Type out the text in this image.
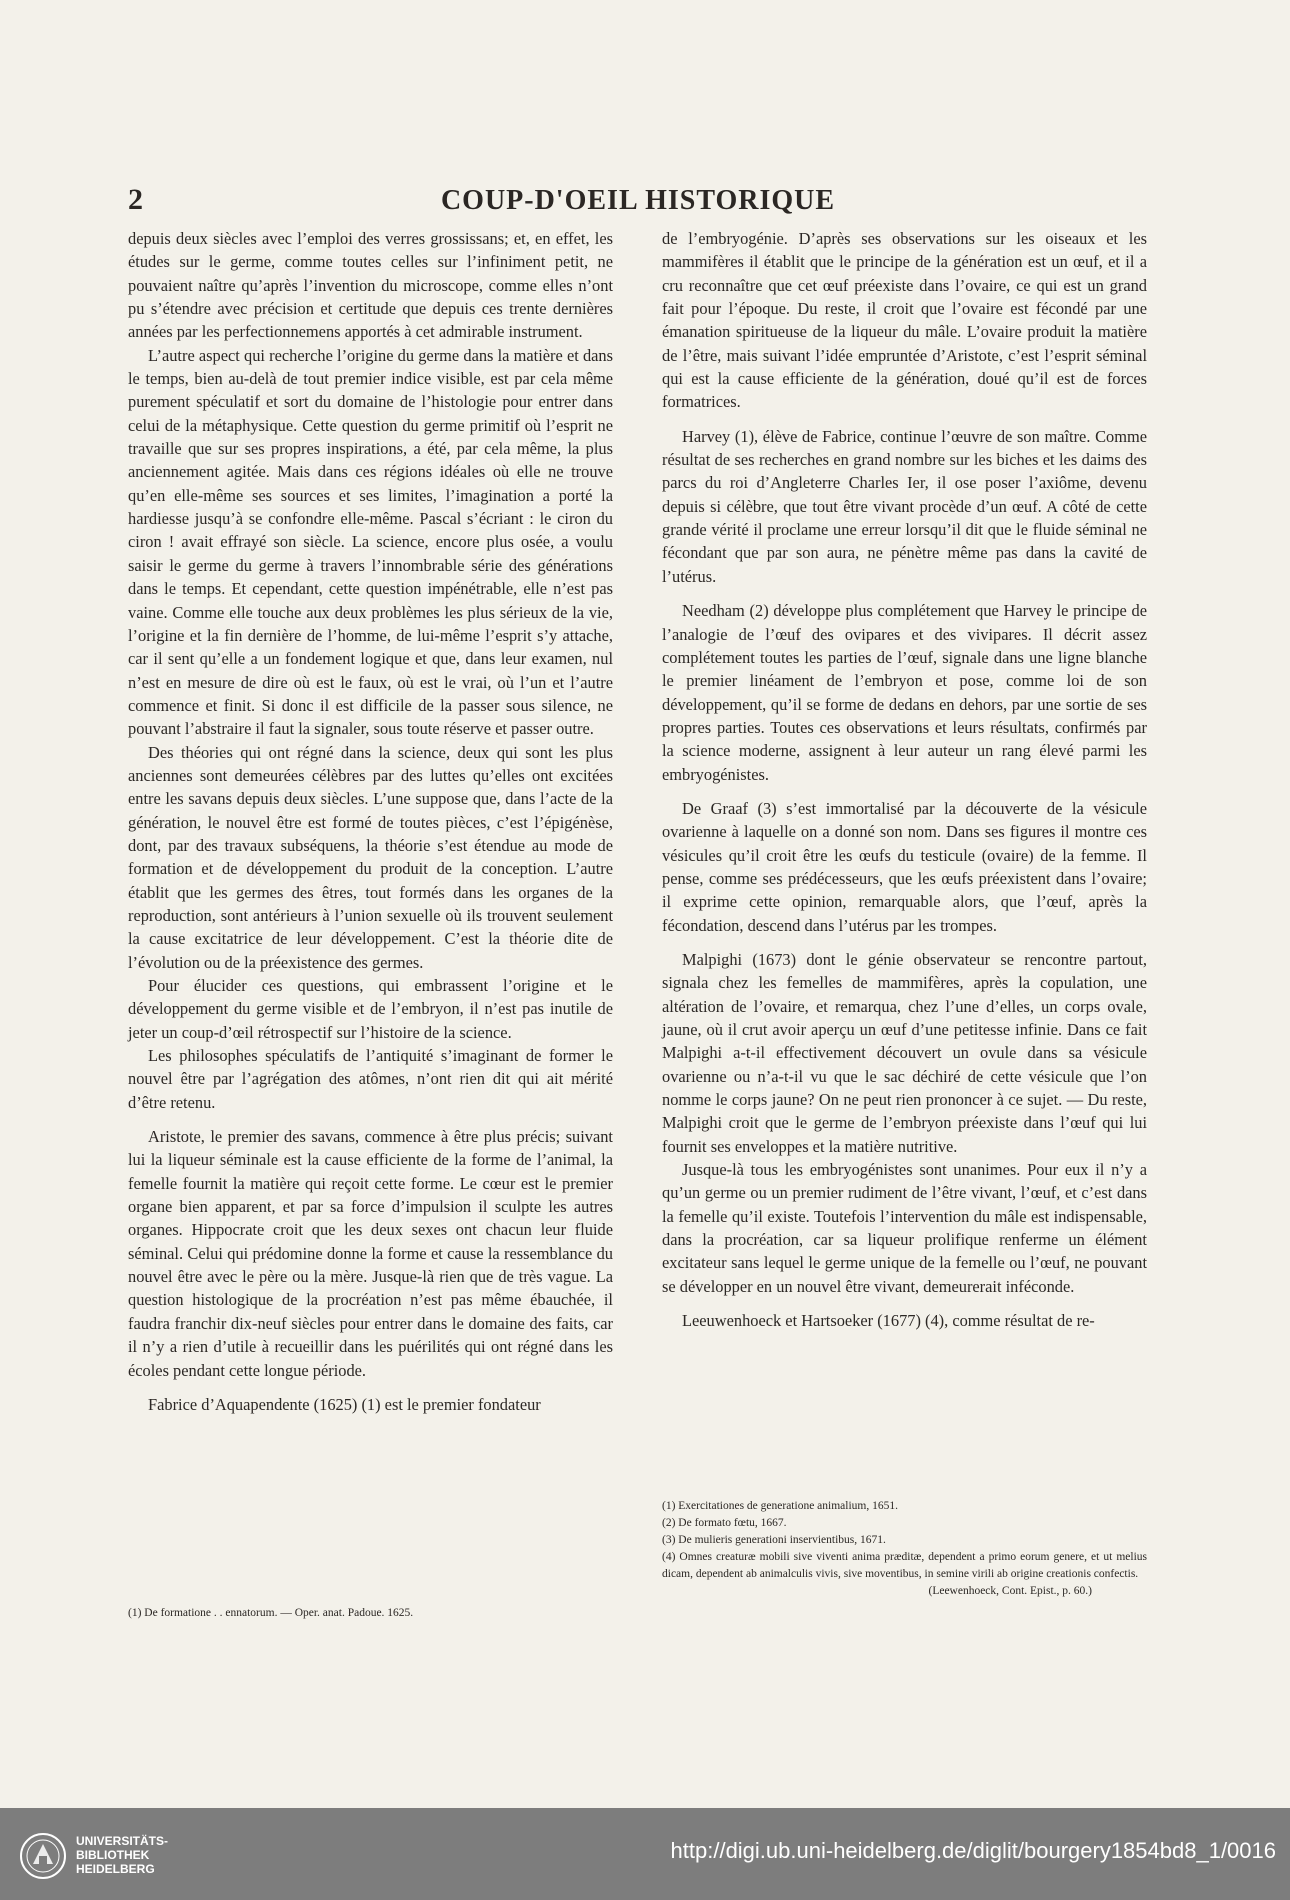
2	COUP-D'OEIL HISTORIQUE

depuis deux siècles avec l’emploi des verres grossissans; et, en effet, les études sur le germe, comme toutes celles sur l’infiniment petit, ne pouvaient naître qu’après l’invention du microscope, comme elles n’ont pu s’étendre avec précision et certitude que depuis ces trente dernières années par les perfectionnemens apportés à cet admirable instrument.

L’autre aspect qui recherche l’origine du germe dans la matière et dans le temps, bien au-delà de tout premier indice visible, est par cela même purement spéculatif et sort du domaine de l’histologie pour entrer dans celui de la métaphysique. Cette question du germe primitif où l’esprit ne travaille que sur ses propres inspirations, a été, par cela même, la plus anciennement agitée. Mais dans ces régions idéales où elle ne trouve qu’en elle-même ses sources et ses limites, l’imagination a porté la hardiesse jusqu’à se confondre elle-même. Pascal s’écriant : le ciron du ciron ! avait effrayé son siècle. La science, encore plus osée, a voulu saisir le germe du germe à travers l’innombrable série des générations dans le temps. Et cependant, cette question impénétrable, elle n’est pas vaine. Comme elle touche aux deux problèmes les plus sérieux de la vie, l’origine et la fin dernière de l’homme, de lui-même l’esprit s’y attache, car il sent qu’elle a un fondement logique et que, dans leur examen, nul n’est en mesure de dire où est le faux, où est le vrai, où l’un et l’autre commence et finit. Si donc il est difficile de la passer sous silence, ne pouvant l’abstraire il faut la signaler, sous toute réserve et passer outre.

Des théories qui ont régné dans la science, deux qui sont les plus anciennes sont demeurées célèbres par des luttes qu’elles ont excitées entre les savans depuis deux siècles. L’une suppose que, dans l’acte de la génération, le nouvel être est formé de toutes pièces, c’est l’épigénèse, dont, par des travaux subséquens, la théorie s’est étendue au mode de formation et de développement du produit de la conception. L’autre établit que les germes des êtres, tout formés dans les organes de la reproduction, sont antérieurs à l’union sexuelle où ils trouvent seulement la cause excitatrice de leur développement. C’est la théorie dite de l’évolution ou de la préexistence des germes.

Pour élucider ces questions, qui embrassent l’origine et le développement du germe visible et de l’embryon, il n’est pas inutile de jeter un coup-d’œil rétrospectif sur l’histoire de la science.

Les philosophes spéculatifs de l’antiquité s’imaginant de former le nouvel être par l’agrégation des atômes, n’ont rien dit qui ait mérité d’être retenu.

Aristote, le premier des savans, commence à être plus précis; suivant lui la liqueur séminale est la cause efficiente de la forme de l’animal, la femelle fournit la matière qui reçoit cette forme. Le cœur est le premier organe bien apparent, et par sa force d’impulsion il sculpte les autres organes. Hippocrate croit que les deux sexes ont chacun leur fluide séminal. Celui qui prédomine donne la forme et cause la ressemblance du nouvel être avec le père ou la mère. Jusque-là rien que de très vague. La question histologique de la procréation n’est pas même ébauchée, il faudra franchir dix-neuf siècles pour entrer dans le domaine des faits, car il n’y a rien d’utile à recueillir dans les puérilités qui ont régné dans les écoles pendant cette longue période.

Fabrice d’Aquapendente (1625) (1) est le premier fondateur

(1) De formatione . . ennatorum. — Oper. anat. Padoue. 1625.

de l’embryogénie. D’après ses observations sur les oiseaux et les mammifères il établit que le principe de la génération est un œuf, et il a cru reconnaître que cet œuf préexiste dans l’ovaire, ce qui est un grand fait pour l’époque. Du reste, il croit que l’ovaire est fécondé par une émanation spiritueuse de la liqueur du mâle. L’ovaire produit la matière de l’être, mais suivant l’idée empruntée d’Aristote, c’est l’esprit séminal qui est la cause efficiente de la génération, doué qu’il est de forces formatrices.

Harvey (1), élève de Fabrice, continue l’œuvre de son maître. Comme résultat de ses recherches en grand nombre sur les biches et les daims des parcs du roi d’Angleterre Charles Ier, il ose poser l’axiôme, devenu depuis si célèbre, que tout être vivant procède d’un œuf. A côté de cette grande vérité il proclame une erreur lorsqu’il dit que le fluide séminal ne fécondant que par son aura, ne pénètre même pas dans la cavité de l’utérus.

Needham (2) développe plus complétement que Harvey le principe de l’analogie de l’œuf des ovipares et des vivipares. Il décrit assez complétement toutes les parties de l’œuf, signale dans une ligne blanche le premier linéament de l’embryon et pose, comme loi de son développement, qu’il se forme de dedans en dehors, par une sortie de ses propres parties. Toutes ces observations et leurs résultats, confirmés par la science moderne, assignent à leur auteur un rang élevé parmi les embryogénistes.

De Graaf (3) s’est immortalisé par la découverte de la vésicule ovarienne à laquelle on a donné son nom. Dans ses figures il montre ces vésicules qu’il croit être les œufs du testicule (ovaire) de la femme. Il pense, comme ses prédécesseurs, que les œufs préexistent dans l’ovaire; il exprime cette opinion, remarquable alors, que l’œuf, après la fécondation, descend dans l’utérus par les trompes.

Malpighi (1673) dont le génie observateur se rencontre partout, signala chez les femelles de mammifères, après la copulation, une altération de l’ovaire, et remarqua, chez l’une d’elles, un corps ovale, jaune, où il crut avoir aperçu un œuf d’une petitesse infinie. Dans ce fait Malpighi a-t-il effectivement découvert un ovule dans sa vésicule ovarienne ou n’a-t-il vu que le sac déchiré de cette vésicule que l’on nomme le corps jaune? On ne peut rien prononcer à ce sujet. — Du reste, Malpighi croit que le germe de l’embryon préexiste dans l’œuf qui lui fournit ses enveloppes et la matière nutritive.

Jusque-là tous les embryogénistes sont unanimes. Pour eux il n’y a qu’un germe ou un premier rudiment de l’être vivant, l’œuf, et c’est dans la femelle qu’il existe. Toutefois l’intervention du mâle est indispensable, dans la procréation, car sa liqueur prolifique renferme un élément excitateur sans lequel le germe unique de la femelle ou l’œuf, ne pouvant se développer en un nouvel être vivant, demeurerait inféconde.

Leeuwenhoeck et Hartsoeker (1677) (4), comme résultat de re-

(1) Exercitationes de generatione animalium, 1651.

(2) De formato fœtu, 1667.

(3) De mulieris generationi inservientibus, 1671.

(4) Omnes creaturæ mobili sive viventi anima præditæ, dependent a primo eorum genere, et ut melius dicam, dependent ab animalculis vivis, sive moventibus, in semine virili ab origine creationis confectis.

(Leewenhoeck, Cont. Epist., p. 60.)

UNIVERSITÄTS-
BIBLIOTHEK
HEIDELBERG
http://digi.ub.uni-heidelberg.de/diglit/bourgery1854bd8_1/0016
